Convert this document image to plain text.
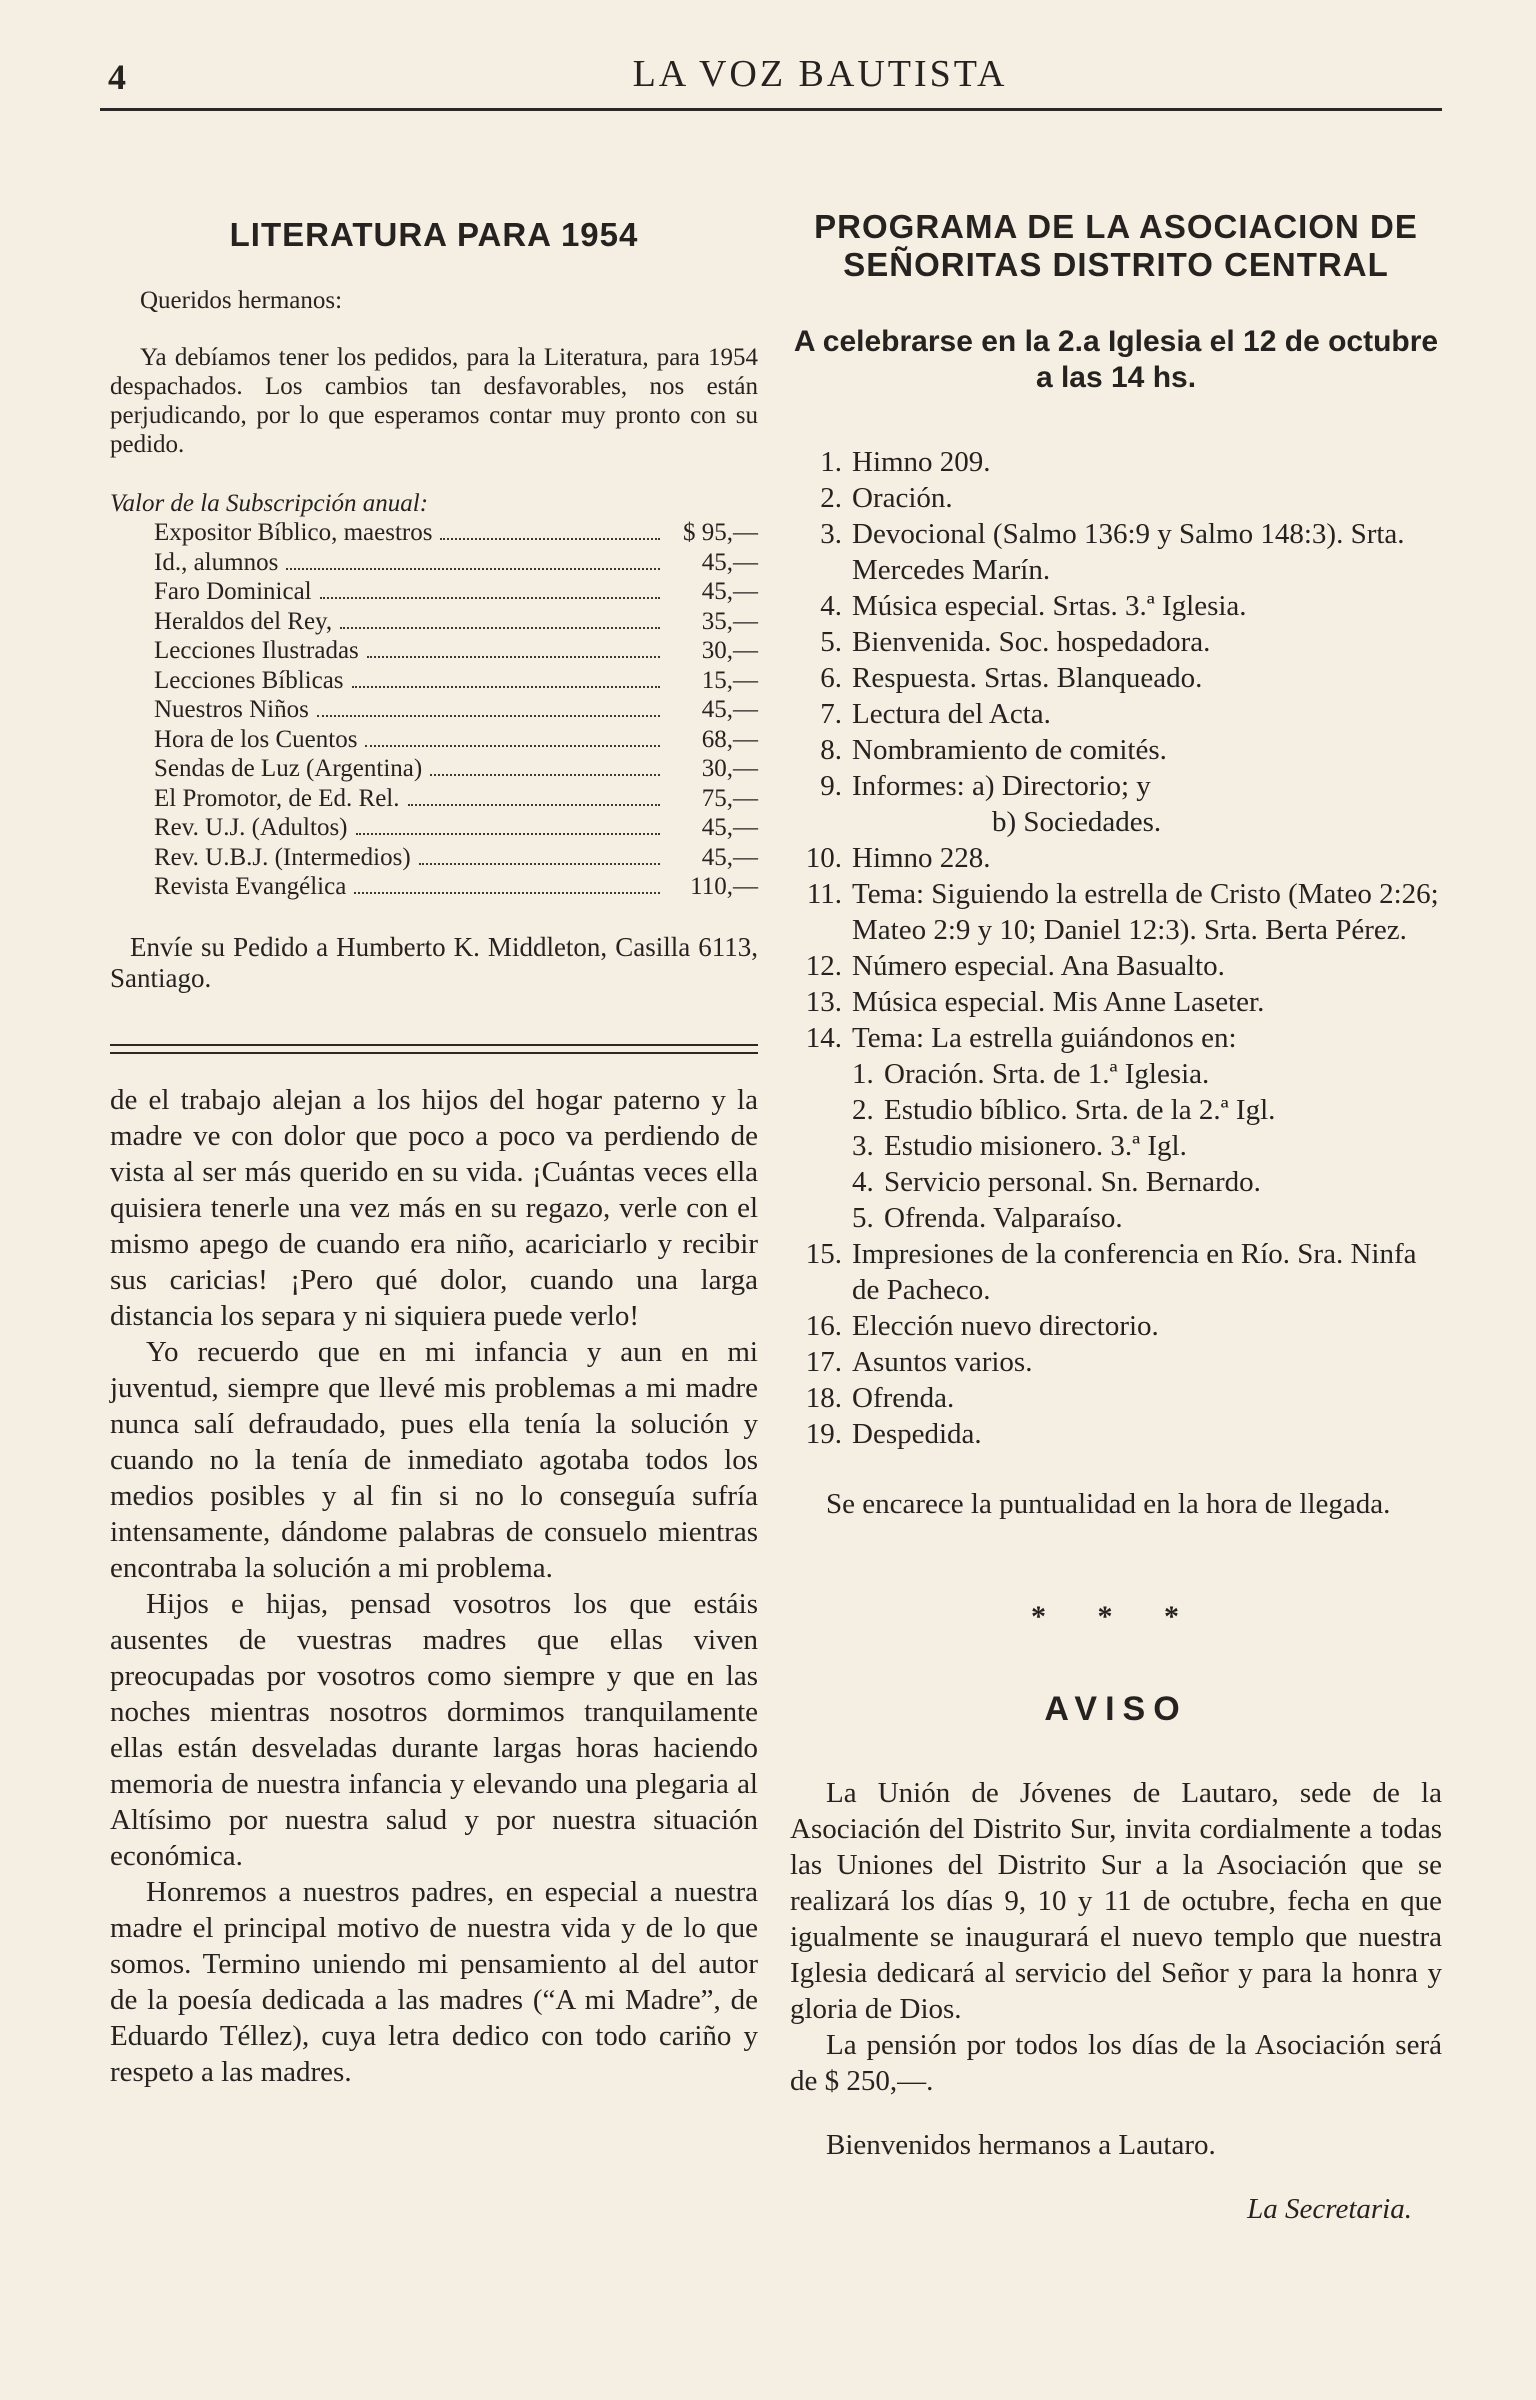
4	LA VOZ BAUTISTA
LITERATURA PARA 1954

Queridos hermanos:

Ya debíamos tener los pedidos, para la Literatura, para 1954 despachados. Los cambios tan desfavorables, nos están perjudicando, por lo que esperamos contar muy pronto con su pedido.

Valor de la Subscripción anual:

Expositor Bíblico, maestros	$ 95,—
Id., alumnos	45,—
Faro Dominical	45,—
Heraldos del Rey,	35,—
Lecciones Ilustradas	30,—
Lecciones Bíblicas	15,—
Nuestros Niños	45,—
Hora de los Cuentos	68,—
Sendas de Luz (Argentina)	30,—
El Promotor, de Ed. Rel.	75,—
Rev. U.J. (Adultos)	45,—
Rev. U.B.J. (Intermedios)	45,—
Revista Evangélica	110,—

Envíe su Pedido a Humberto K. Middleton, Casilla 6113, Santiago.

de el trabajo alejan a los hijos del hogar paterno y la madre ve con dolor que poco a poco va perdiendo de vista al ser más querido en su vida. ¡Cuántas veces ella quisiera tenerle una vez más en su regazo, verle con el mismo apego de cuando era niño, acariciarlo y recibir sus caricias! ¡Pero qué dolor, cuando una larga distancia los separa y ni siquiera puede verlo!

Yo recuerdo que en mi infancia y aun en mi juventud, siempre que llevé mis problemas a mi madre nunca salí defraudado, pues ella tenía la solución y cuando no la tenía de inmediato agotaba todos los medios posibles y al fin si no lo conseguía sufría intensamente, dándome palabras de consuelo mientras encontraba la solución a mi problema.

Hijos e hijas, pensad vosotros los que estáis ausentes de vuestras madres que ellas viven preocupadas por vosotros como siempre y que en las noches mientras nosotros dormimos tranquilamente ellas están desveladas durante largas horas haciendo memoria de nuestra infancia y elevando una plegaria al Altísimo por nuestra salud y por nuestra situación económica.

Honremos a nuestros padres, en especial a nuestra madre el principal motivo de nuestra vida y de lo que somos. Termino uniendo mi pensamiento al del autor de la poesía dedicada a las madres (“A mi Madre”, de Eduardo Téllez), cuya letra dedico con todo cariño y respeto a las madres.

PROGRAMA DE LA ASOCIACION DE SEÑORITAS DISTRITO CENTRAL

A celebrarse en la 2.a Iglesia el 12 de octubre a las 14 hs.

1. Himno 209.
2. Oración.
3. Devocional (Salmo 136:9 y Salmo 148:3). Srta. Mercedes Marín.
4. Música especial. Srtas. 3.ª Iglesia.
5. Bienvenida. Soc. hospedadora.
6. Respuesta. Srtas. Blanqueado.
7. Lectura del Acta.
8. Nombramiento de comités.
9. Informes: a) Directorio; y
b) Sociedades.
10. Himno 228.
11. Tema: Siguiendo la estrella de Cristo (Mateo 2:26; Mateo 2:9 y 10; Daniel 12:3). Srta. Berta Pérez.
12. Número especial. Ana Basualto.
13. Música especial. Mis Anne Laseter.
14. Tema: La estrella guiándonos en:
1. Oración. Srta. de 1.ª Iglesia.
2. Estudio bíblico. Srta. de la 2.ª Igl.
3. Estudio misionero. 3.ª Igl.
4. Servicio personal. Sn. Bernardo.
5. Ofrenda. Valparaíso.
15. Impresiones de la conferencia en Río. Sra. Ninfa de Pacheco.
16. Elección nuevo directorio.
17. Asuntos varios.
18. Ofrenda.
19. Despedida.

Se encarece la puntualidad en la hora de llegada.

* * *
AVISO

La Unión de Jóvenes de Lautaro, sede de la Asociación del Distrito Sur, invita cordialmente a todas las Uniones del Distrito Sur a la Asociación que se realizará los días 9, 10 y 11 de octubre, fecha en que igualmente se inaugurará el nuevo templo que nuestra Iglesia dedicará al servicio del Señor y para la honra y gloria de Dios.

La pensión por todos los días de la Asociación será de $ 250,—.

Bienvenidos hermanos a Lautaro.

La Secretaria.
